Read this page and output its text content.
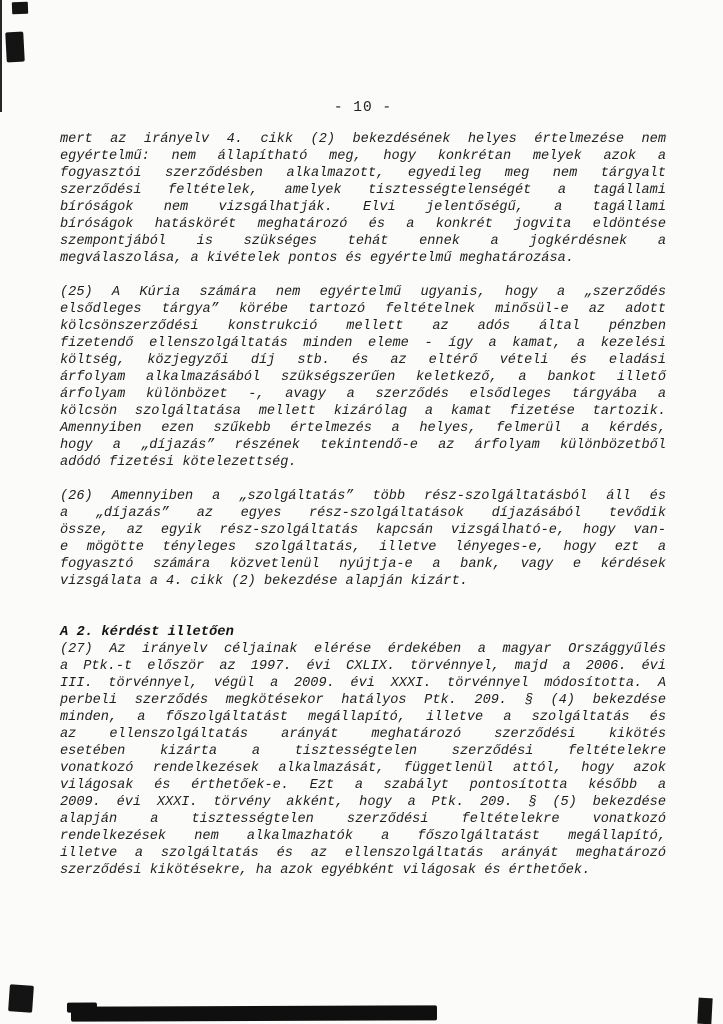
- 10 -
mert az irányelv 4. cikk (2) bekezdésének helyes értelmezése nem
egyértelmű: nem állapítható meg, hogy konkrétan melyek azok a
fogyasztói szerződésben alkalmazott, egyedileg meg nem tárgyalt
szerződési feltételek, amelyek tisztességtelenségét a tagállami
bíróságok nem vizsgálhatják. Elvi jelentőségű, a tagállami
bíróságok hatáskörét meghatározó és a konkrét jogvita eldöntése
szempontjából is szükséges tehát ennek a jogkérdésnek a
megválaszolása, a kivételek pontos és egyértelmű meghatározása.
(25) A Kúria számára nem egyértelmű ugyanis, hogy a „szerződés
elsődleges tárgya” körébe tartozó feltételnek minősül-e az adott
kölcsönszerződési konstrukció mellett az adós által pénzben
fizetendő ellenszolgáltatás minden eleme - így a kamat, a kezelési
költség, közjegyzői díj stb. és az eltérő vételi és eladási
árfolyam alkalmazásából szükségszerűen keletkező, a bankot illető
árfolyam különbözet -, avagy a szerződés elsődleges tárgyába a
kölcsön szolgáltatása mellett kizárólag a kamat fizetése tartozik.
Amennyiben ezen szűkebb értelmezés a helyes, felmerül a kérdés,
hogy a „díjazás” részének tekintendő-e az árfolyam különbözetből
adódó fizetési kötelezettség.
(26) Amennyiben a „szolgáltatás” több rész-szolgáltatásból áll és
a „díjazás” az egyes rész-szolgáltatások díjazásából tevődik
össze, az egyik rész-szolgáltatás kapcsán vizsgálható-e, hogy van-
e mögötte tényleges szolgáltatás, illetve lényeges-e, hogy ezt a
fogyasztó számára közvetlenül nyújtja-e a bank, vagy e kérdések
vizsgálata a 4. cikk (2) bekezdése alapján kizárt.
A 2. kérdést illetően
(27) Az irányelv céljainak elérése érdekében a magyar Országgyűlés
a Ptk.-t először az 1997. évi CXLIX. törvénnyel, majd a 2006. évi
III. törvénnyel, végül a 2009. évi XXXI. törvénnyel módosította. A
perbeli szerződés megkötésekor hatályos Ptk. 209. § (4) bekezdése
minden, a főszolgáltatást megállapító, illetve a szolgáltatás és
az ellenszolgáltatás arányát meghatározó szerződési kikötés
esetében kizárta a tisztességtelen szerződési feltételekre
vonatkozó rendelkezések alkalmazását, függetlenül attól, hogy azok
világosak és érthetőek-e. Ezt a szabályt pontosította később a
2009. évi XXXI. törvény akként, hogy a Ptk. 209. § (5) bekezdése
alapján a tisztességtelen szerződési feltételekre vonatkozó
rendelkezések nem alkalmazhatók a főszolgáltatást megállapító,
illetve a szolgáltatás és az ellenszolgáltatás arányát meghatározó
szerződési kikötésekre, ha azok egyébként világosak és érthetőek.
